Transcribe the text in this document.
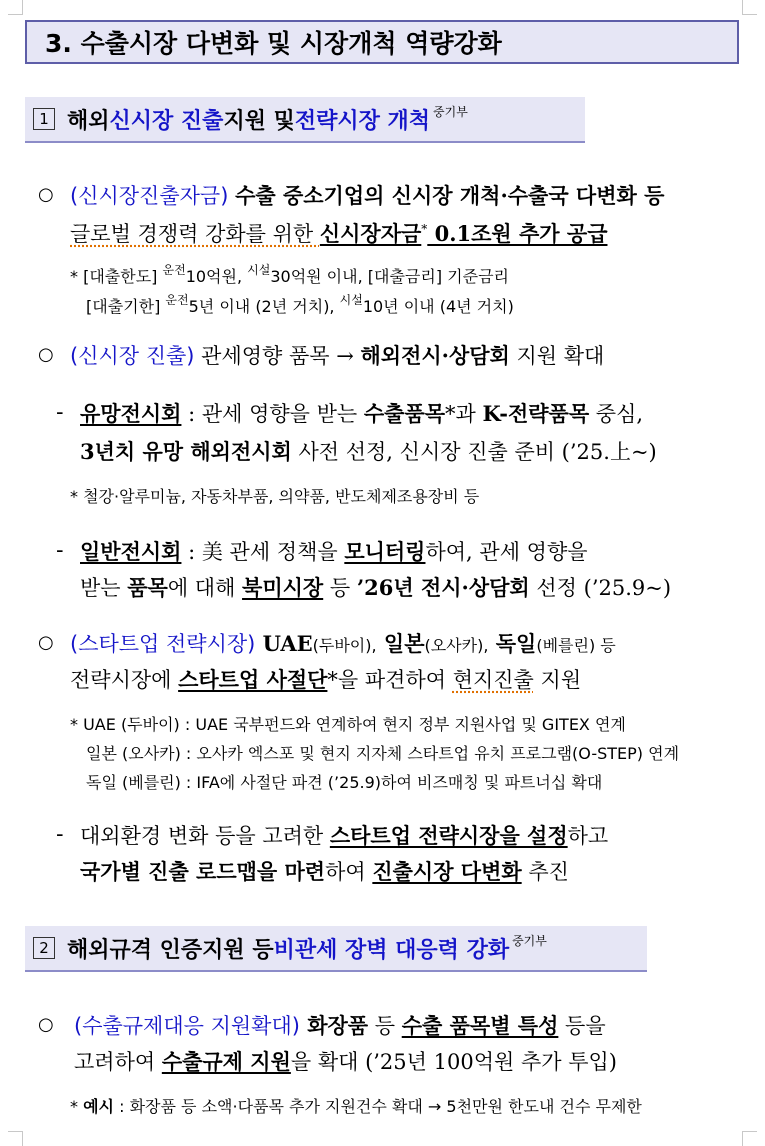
3. 수출시장 다변화 및 시장개척 역량강화
1 해외 신시장 진출 지원 및 전략시장 개척 $^{중기부}$
○ (신시장진출자금) 수출 중소기업의 신시장 개척·수출국 다변화 등
글로벌 경쟁력 강화를 위한 신시장자금* 0.1조원 추가 공급
* [대출한도] $^{운전}$10억원, $^{시설}$30억원 이내, [대출금리] 기준금리
[대출기한] $^{운전}$5년 이내 (2년 거치), $^{시설}$10년 이내 (4년 거치)
○ (신시장 진출) 관세영향 품목 → 해외전시·상담회 지원 확대
- 유망전시회 : 관세 영향을 받는 수출품목*과 K-전략품목 중심,
3년치 유망 해외전시회 사전 선정, 신시장 진출 준비 (’25.上~)
* 철강·알루미늄, 자동차부품, 의약품, 반도체제조용장비 등
- 일반전시회 : 美 관세 정책을 모니터링하여, 관세 영향을
받는 품목에 대해 북미시장 등 ’26년 전시·상담회 선정 (’25.9~)
○ (스타트업 전략시장) UAE(두바이), 일본(오사카), 독일(베를린) 등
전략시장에 스타트업 사절단*을 파견하여 현지진출 지원
* UAE (두바이) : UAE 국부펀드와 연계하여 현지 정부 지원사업 및 GITEX 연계
일본 (오사카) : 오사카 엑스포 및 현지 지자체 스타트업 유치 프로그램(O-STEP) 연계
독일 (베를린) : IFA에 사절단 파견 (’25.9)하여 비즈매칭 및 파트너십 확대
- 대외환경 변화 등을 고려한 스타트업 전략시장을 설정하고
국가별 진출 로드맵을 마련하여 진출시장 다변화 추진
2 해외규격 인증지원 등 비관세 장벽 대응력 강화 $^{중기부}$
○ (수출규제대응 지원확대) 화장품 등 수출 품목별 특성 등을
고려하여 수출규제 지원을 확대 (’25년 100억원 추가 투입)
* 예시 : 화장품 등 소액·다품목 추가 지원건수 확대 → 5천만원 한도내 건수 무제한
